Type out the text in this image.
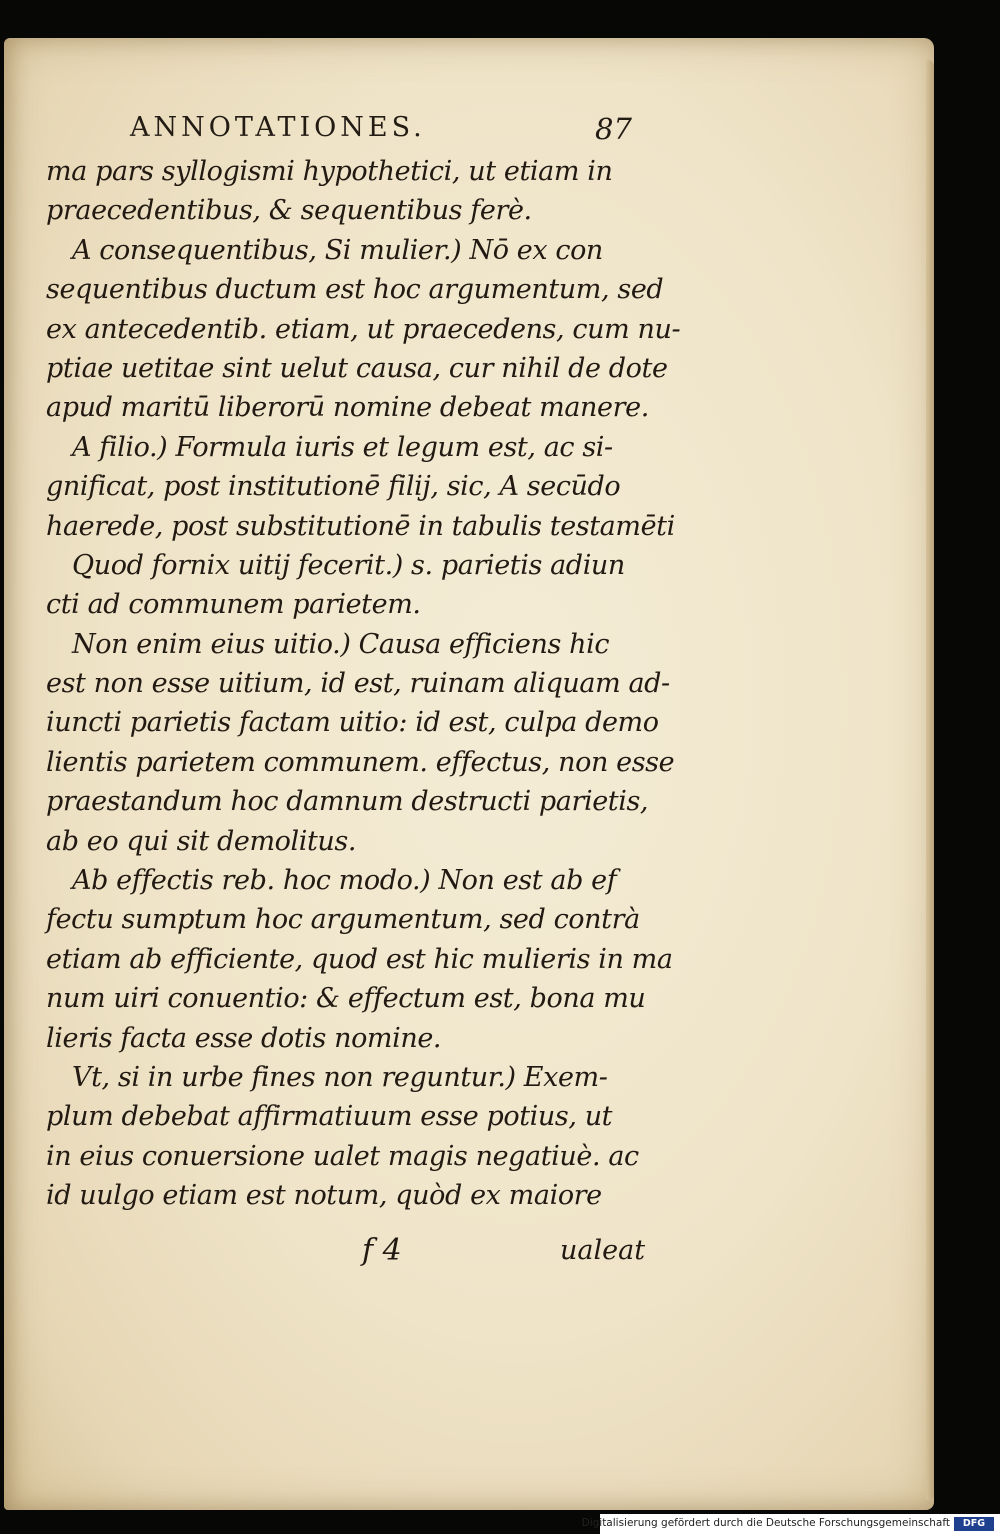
ANNOTATIONES.	87
ma pars syllogismi hypothetici, ut etiam in
praecedentibus, & sequentibus ferè.
A consequentibus, Si mulier.) Nō ex con
sequentibus ductum est hoc argumentum, sed
ex antecedentib. etiam, ut praecedens, cum nu-
ptiae uetitae sint uelut causa, cur nihil de dote
apud maritū liberorū nomine debeat manere.
A filio.) Formula iuris et legum est, ac si-
gnificat, post institutionē filij, sic, A secūdo
haerede, post substitutionē in tabulis testamēti
Quod fornix uitij fecerit.) s. parietis adiun
cti ad communem parietem.
Non enim eius uitio.) Causa efficiens hic
est non esse uitium, id est, ruinam aliquam ad-
iuncti parietis factam uitio: id est, culpa demo
lientis parietem communem. effectus, non esse
praestandum hoc damnum destructi parietis,
ab eo qui sit demolitus.
Ab effectis reb. hoc modo.) Non est ab ef
fectu sumptum hoc argumentum, sed contrà
etiam ab efficiente, quod est hic mulieris in ma
num uiri conuentio: & effectum est, bona mu
lieris facta esse dotis nomine.
Vt, si in urbe fines non reguntur.) Exem-
plum debebat affirmatiuum esse potius, ut
in eius conuersione ualet magis negatiuè. ac
id uulgo etiam est notum, quòd ex maiore
f 4	ualeat
Digitalisierung gefördert durch die Deutsche Forschungsgemeinschaft	DFG
